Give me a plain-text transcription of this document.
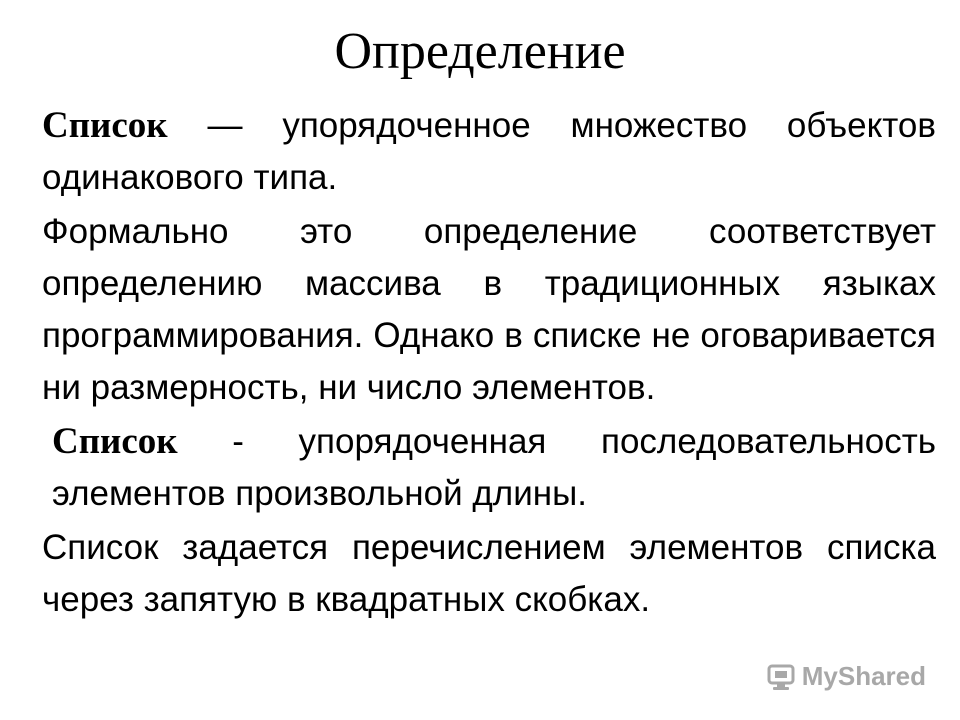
Определение

Список — упорядоченное множество объектов одинакового типа.

Формально это определение соответствует определению массива в традиционных языках программирования. Однако в списке не оговаривается ни размерность, ни число элементов.

Список - упорядоченная последовательность элементов произвольной длины.

Список задается перечислением элементов списка через запятую в квадратных скобках.

MyShared
